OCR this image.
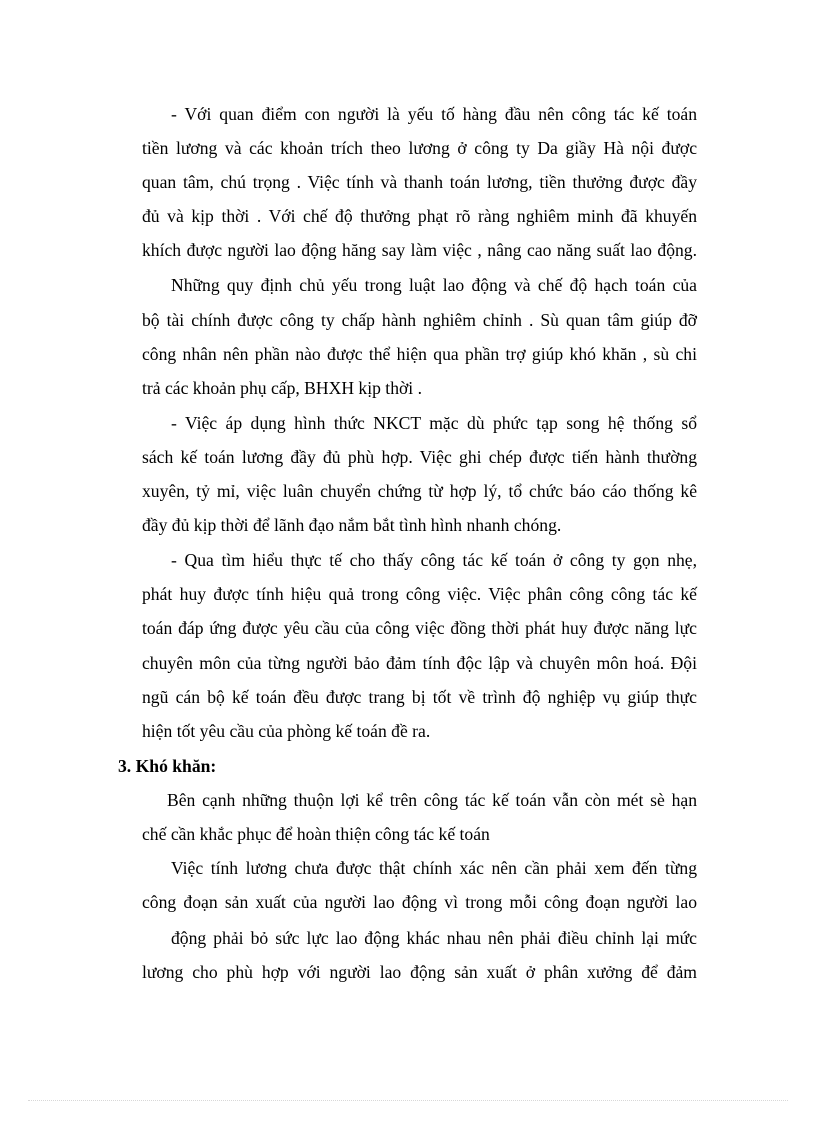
- Với quan điểm con người là yếu tố hàng đầu nên công tác kế toán
tiền lương và các khoản trích theo lương ở công ty Da giầy Hà nội được
quan tâm, chú trọng . Việc tính và thanh toán lương, tiền thưởng được đầy
đủ và kịp thời . Với chế độ thưởng phạt rõ ràng nghiêm minh đã khuyến
khích được người lao động hăng say làm việc , nâng cao năng suất lao động.
Những quy định chủ yếu trong luật lao động và chế độ hạch toán của
bộ tài chính được công ty chấp hành nghiêm chỉnh . Sù quan tâm giúp đỡ
công nhân nên phần nào được thể hiện qua phần trợ giúp khó khăn , sù chi
trả các khoản phụ cấp, BHXH kịp thời .
- Việc áp dụng hình thức NKCT mặc dù phức tạp song hệ thống sổ
sách kế toán lương đầy đủ phù hợp. Việc ghi chép được tiến hành thường
xuyên, tỷ mỉ, việc luân chuyển chứng từ hợp lý, tổ chức báo cáo thống kê
đầy đủ kịp thời để lãnh đạo nắm bắt tình hình nhanh chóng.
- Qua tìm hiểu thực tế cho thấy công tác kế toán ở công ty gọn nhẹ,
phát huy được tính hiệu quả trong công việc. Việc phân công công tác kế
toán đáp ứng được yêu cầu của công việc đồng thời phát huy được năng lực
chuyên môn của từng người bảo đảm tính độc lập và chuyên môn hoá. Đội
ngũ cán bộ kế toán đều được trang bị tốt về trình độ nghiệp vụ giúp thực
hiện tốt yêu cầu của phòng kế toán đề ra.
3. Khó khăn:
Bên cạnh những thuộn lợi kể trên công tác kế toán vẫn còn mét sè hạn
chế cần khắc phục để hoàn thiện công tác kế toán
Việc tính lương chưa được thật chính xác nên cần phải xem đến từng
công đoạn sản xuất của người lao động vì trong mỗi công đoạn người lao
động phải bỏ sức lực lao động khác nhau nên phải điều chỉnh lại mức
lương cho phù hợp với người lao động sản xuất ở phân xưởng để đảm
